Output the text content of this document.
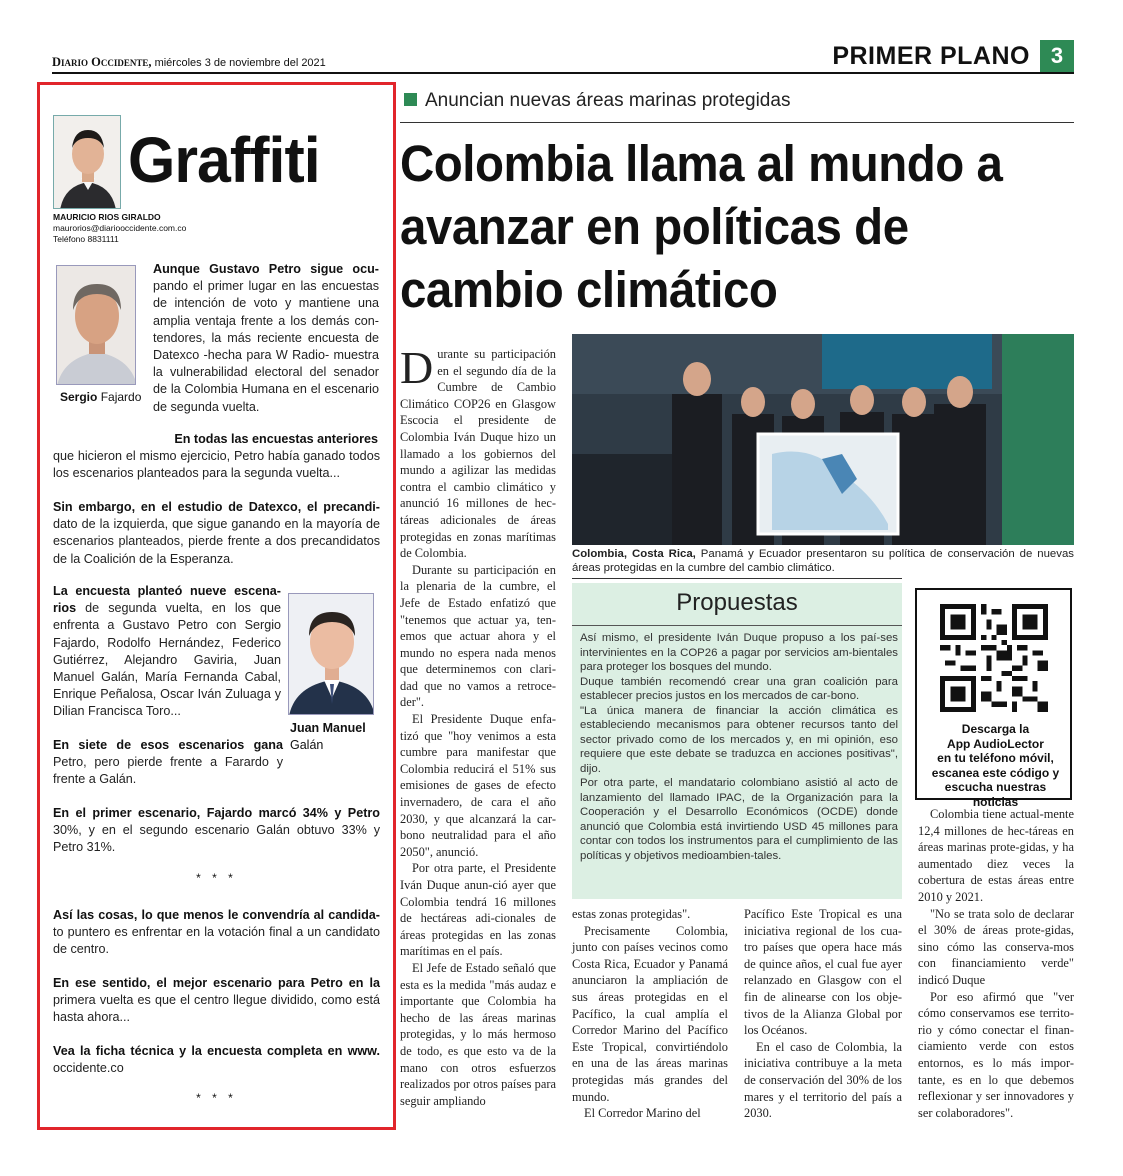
Diario Occidente, miércoles 3 de noviembre del 2021	PRIMER PLANO 3
Graffiti
MAURICIO RIOS GIRALDO
maurorios@diariooccidente.com.co
Teléfono 8831111
Sergio Fajardo
Aunque Gustavo Petro sigue ocu- pando el primer lugar en las encuestas de intención de voto y mantiene una amplia ventaja frente a los demás con-tendores, la más reciente encuesta de Datexco -hecha para W Radio- muestra la vulnerabilidad electoral del senador de la Colombia Humana en el escenario de segunda vuelta.
En todas las encuestas anteriores
que hicieron el mismo ejercicio, Petro había ganado todos los escenarios planteados para la segunda vuelta...
Sin embargo, en el estudio de Datexco, el precandi- dato de la izquierda, que sigue ganando en la mayoría de escenarios planteados, pierde frente a dos precandidatos de la Coalición de la Esperanza.
La encuesta planteó nueve escena-rios de segunda vuelta, en los que enfrenta a Gustavo Petro con Sergio Fajardo, Rodolfo Hernández, Federico Gutiérrez, Alejandro Gaviria, Juan Manuel Galán, María Fernanda Cabal, Enrique Peñalosa, Oscar Iván Zuluaga y Dilian Francisca Toro...
Juan Manuel
Galán
En siete de esos escenarios gana Petro, pero pierde frente a Farardo y frente a Galán.
En el primer escenario, Fajardo marcó 34% y Petro 30%, y en el segundo escenario Galán obtuvo 33% y Petro 31%.
* * *
Así las cosas, lo que menos le convendría al candida- to puntero es enfrentar en la votación final a un candidato de centro.
En ese sentido, el mejor escenario para Petro en la primera vuelta es que el centro llegue dividido, como está hasta ahora...
Vea la ficha técnica y la encuesta completa en www. occidente.co
* * *
Anuncian nuevas áreas marinas protegidas
Colombia llama al mundo a avanzar en políticas de cambio climático

Durante su participación en el segundo día de la Cumbre de Cambio Climático COP26 en Glasgow Escocia el presidente de Colombia Iván Duque hizo un llamado a los gobiernos del mundo a agilizar las medidas contra el cambio climático y anunció 16 millones de hec-táreas adicionales de áreas protegidas en zonas marítimas de Colombia.

Durante su participación en la plenaria de la cumbre, el Jefe de Estado enfatizó que "tenemos que actuar ya, ten-emos que actuar ahora y el mundo no espera nada menos que determinemos con clari-dad que no vamos a retroce-der".

El Presidente Duque enfa-tizó que "hoy venimos a esta cumbre para manifestar que Colombia reducirá el 51% sus emisiones de gases de efecto invernadero, de cara el año 2030, y que alcanzará la car-bono neutralidad para el año 2050", anunció.

Por otra parte, el Presidente Iván Duque anun-ció ayer que Colombia tendrá 16 millones de hectáreas adi-cionales de áreas protegidas en las zonas marítimas en el país.

El Jefe de Estado señaló que esta es la medida "más audaz e importante que Colombia ha hecho de las áreas marinas protegidas, y lo más hermoso de todo, es que esto va de la mano con otros esfuerzos realizados por otros países para seguir ampliando

Colombia, Costa Rica, Panamá y Ecuador presentaron su política de conservación de nuevas áreas protegidas en la cumbre del cambio climático.
Propuestas

Así mismo, el presidente Iván Duque propuso a los paí-ses intervinientes en la COP26 a pagar por servicios am-bientales para proteger los bosques del mundo.

Duque también recomendó crear una gran coalición para establecer precios justos en los mercados de car-bono.

"La única manera de financiar la acción climática es estableciendo mecanismos para obtener recursos tanto del sector privado como de los mercados y, en mi opinión, eso requiere que este debate se traduzca en acciones positivas", dijo.

Por otra parte, el mandatario colombiano asistió al acto de lanzamiento del llamado IPAC, de la Organización para la Cooperación y el Desarrollo Económicos (OCDE) donde anunció que Colombia está invirtiendo USD 45 millones para contar con todos los instrumentos para el cumplimiento de las políticas y objetivos medioambien-tales.

Descarga la
App AudioLector
en tu teléfono móvil,
escanea este código y
escucha nuestras noticias

estas zonas protegidas".

Precisamente Colombia, junto con países vecinos como Costa Rica, Ecuador y Panamá anunciaron la ampliación de sus áreas protegidas en el Pacífico, la cual amplía el Corredor Marino del Pacífico Este Tropical, convirtiéndolo en una de las áreas marinas protegidas más grandes del mundo.

El Corredor Marino del

Pacífico Este Tropical es una iniciativa regional de los cua-tro países que opera hace más de quince años, el cual fue ayer relanzado en Glasgow con el fin de alinearse con los obje-tivos de la Alianza Global por los Océanos.

En el caso de Colombia, la iniciativa contribuye a la meta de conservación del 30% de los mares y el territorio del país a 2030.

Colombia tiene actual-mente 12,4 millones de hec-táreas en áreas marinas prote-gidas, y ha aumentado diez veces la cobertura de estas áreas entre 2010 y 2021.

"No se trata solo de declarar el 30% de áreas prote-gidas, sino cómo las conserva-mos con financiamiento verde" indicó Duque

Por eso afirmó que "ver cómo conservamos ese territo-rio y cómo conectar el finan-ciamiento verde con estos entornos, es lo más impor-tante, es en lo que debemos reflexionar y ser innovadores y ser colaboradores".
